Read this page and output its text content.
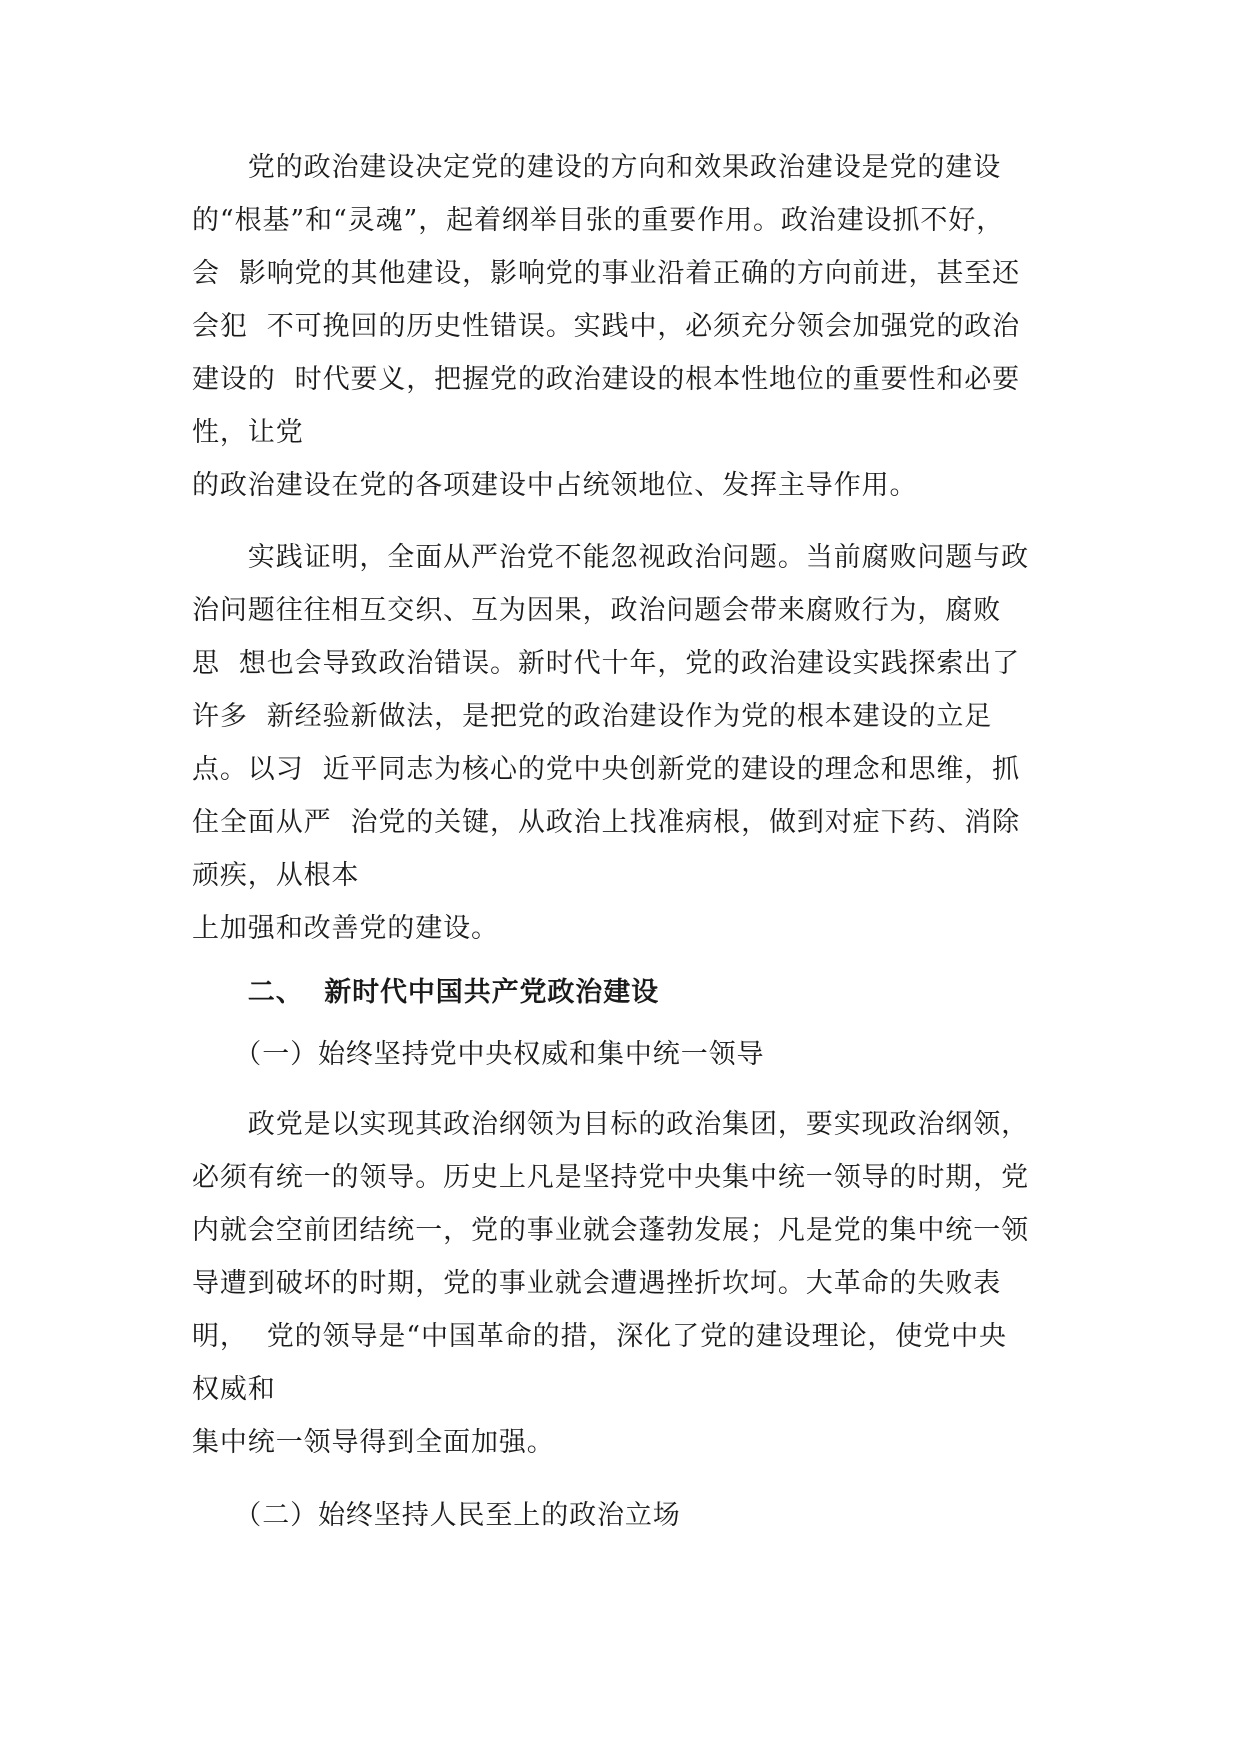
　　党的政治建设决定党的建设的方向和效果政治建设是党的建设
的“根基”和“灵魂”，起着纲举目张的重要作用。政治建设抓不好，
会  影响党的其他建设，影响党的事业沿着正确的方向前进，甚至还
会犯  不可挽回的历史性错误。实践中，必须充分领会加强党的政治
建设的  时代要义，把握党的政治建设的根本性地位的重要性和必要
性，让党
的政治建设在党的各项建设中占统领地位、发挥主导作用。
　　实践证明，全面从严治党不能忽视政治问题。当前腐败问题与政
治问题往往相互交织、互为因果，政治问题会带来腐败行为，腐败
思  想也会导致政治错误。新时代十年，党的政治建设实践探索出了
许多  新经验新做法，是把党的政治建设作为党的根本建设的立足
点。以习  近平同志为核心的党中央创新党的建设的理念和思维，抓
住全面从严  治党的关键，从政治上找准病根，做到对症下药、消除
顽疾，从根本
上加强和改善党的建设。
　　二、  新时代中国共产党政治建设
　　（一）始终坚持党中央权威和集中统一领导
　　政党是以实现其政治纲领为目标的政治集团，要实现政治纲领，
必须有统一的领导。历史上凡是坚持党中央集中统一领导的时期，党
内就会空前团结统一，党的事业就会蓬勃发展；凡是党的集中统一领
导遭到破坏的时期，党的事业就会遭遇挫折坎坷。大革命的失败表
明，  党的领导是“中国革命的措，深化了党的建设理论，使党中央
权威和
集中统一领导得到全面加强。
　　（二）始终坚持人民至上的政治立场
